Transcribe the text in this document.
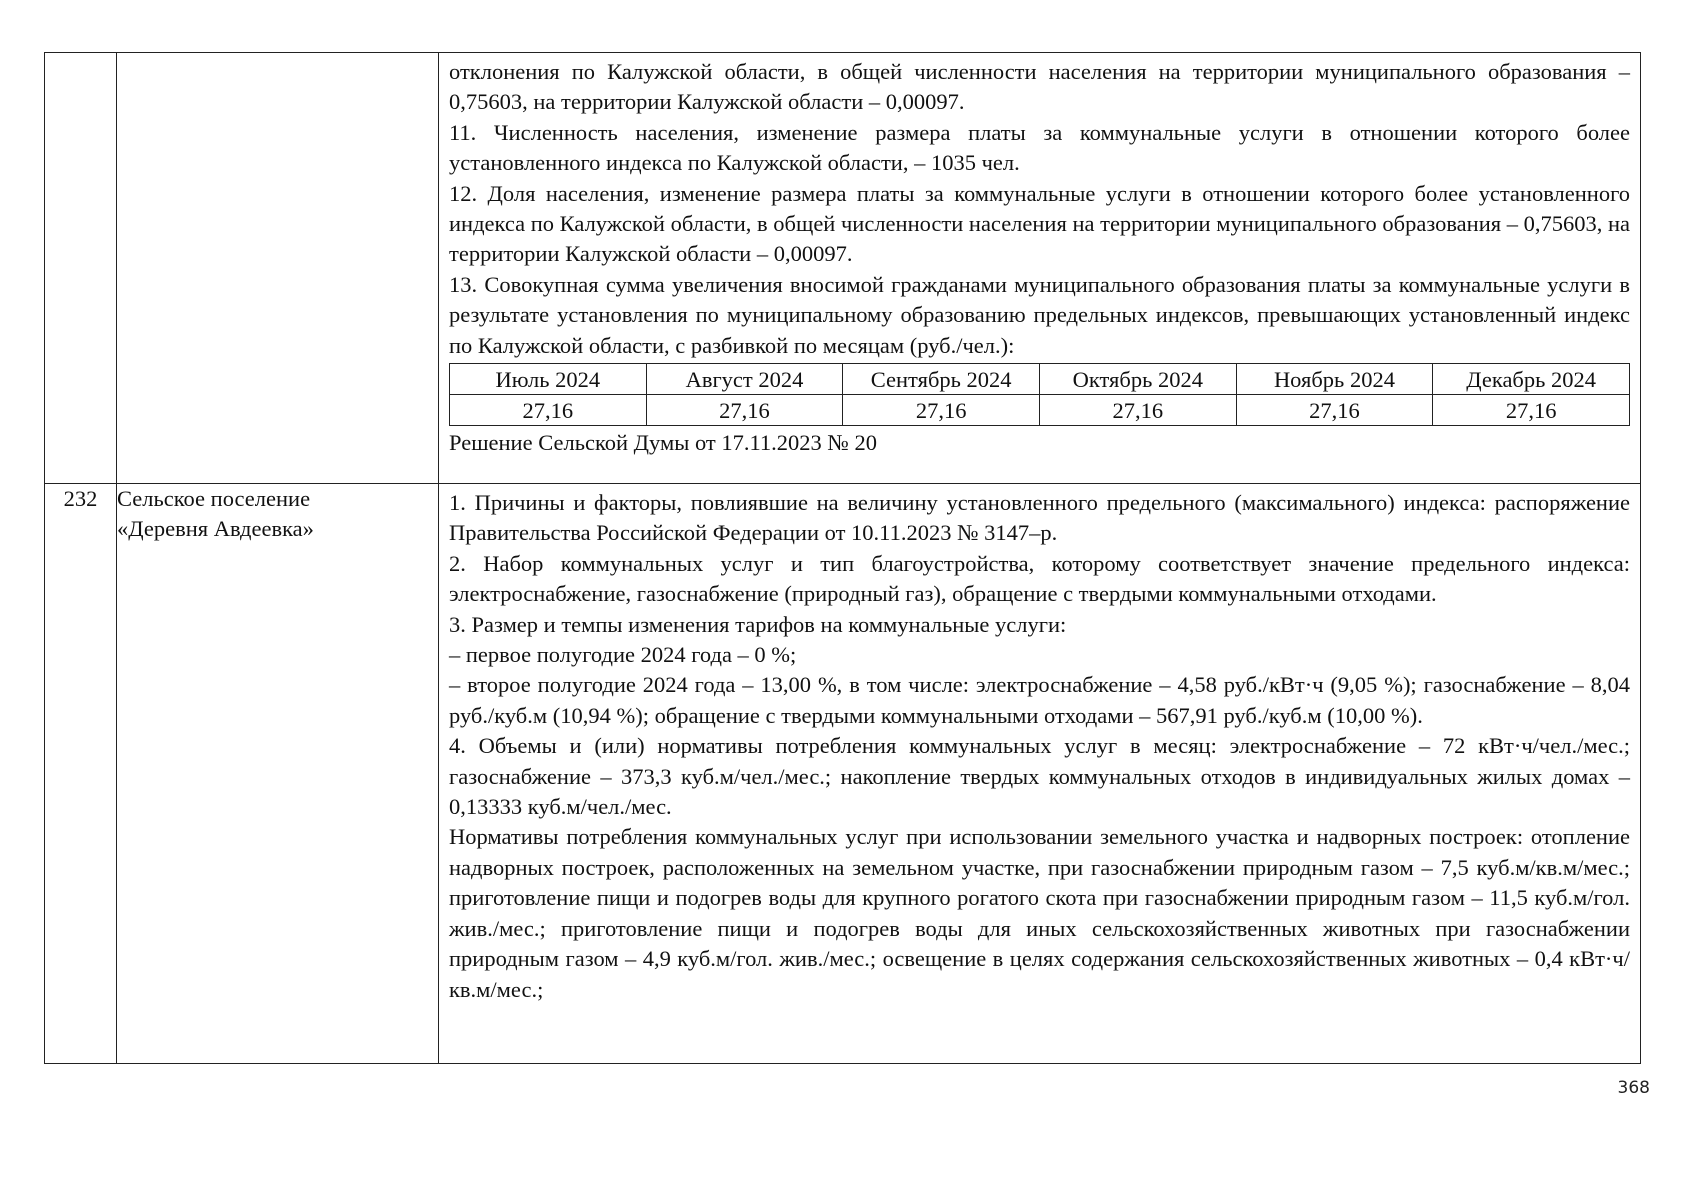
отклонения по Калужской области, в общей численности населения на территории муниципального образования – 0,75603, на территории Калужской области – 0,00097.

11. Численность населения, изменение размера платы за коммунальные услуги в отношении которого более установленного индекса по Калужской области, – 1035 чел.

12. Доля населения, изменение размера платы за коммунальные услуги в отношении которого более установленного индекса по Калужской области, в общей численности населения на территории муниципального образования – 0,75603, на территории Калужской области – 0,00097.

13. Совокупная сумма увеличения вносимой гражданами муниципального образования платы за коммунальные услуги в результате установления по муниципальному образованию предельных индексов, превышающих установленный индекс по Калужской области, с разбивкой по месяцам (руб./чел.):

Июль 2024	Август 2024	Сентябрь 2024	Октябрь 2024	Ноябрь 2024	Декабрь 2024
27,16	27,16	27,16	27,16	27,16	27,16

Решение Сельской Думы от 17.11.2023 № 20

232	Сельское поселение
«Деревня Авдеевка»

1. Причины и факторы, повлиявшие на величину установленного предельного (максимального) индекса: распоряжение Правительства Российской Федерации от 10.11.2023 № 3147–р.

2. Набор коммунальных услуг и тип благоустройства, которому соответствует значение предельного индекса: электроснабжение, газоснабжение (природный газ), обращение с твердыми коммунальными отходами.

3. Размер и темпы изменения тарифов на коммунальные услуги:

– первое полугодие 2024 года – 0 %;

– второе полугодие 2024 года – 13,00 %, в том числе: электроснабжение – 4,58 руб./кВт·ч (9,05 %); газоснабжение – 8,04 руб./куб.м (10,94 %); обращение с твердыми коммунальными отходами – 567,91 руб./куб.м (10,00 %).

4. Объемы и (или) нормативы потребления коммунальных услуг в месяц: электроснабжение – 72 кВт·ч/чел./мес.; газоснабжение – 373,3 куб.м/чел./мес.; накопление твердых коммунальных отходов в индивидуальных жилых домах – 0,13333 куб.м/чел./мес.

Нормативы потребления коммунальных услуг при использовании земельного участка и надворных построек: отопление надворных построек, расположенных на земельном участке, при газоснабжении природным газом – 7,5 куб.м/кв.м/мес.; приготовление пищи и подогрев воды для крупного рогатого скота при газоснабжении природным газом – 11,5 куб.м/гол. жив./мес.; приготовление пищи и подогрев воды для иных сельскохозяйственных животных при газоснабжении природным газом – 4,9 куб.м/гол. жив./мес.; освещение в целях содержания сельскохозяйственных животных – 0,4 кВт·ч/кв.м/мес.;

368
